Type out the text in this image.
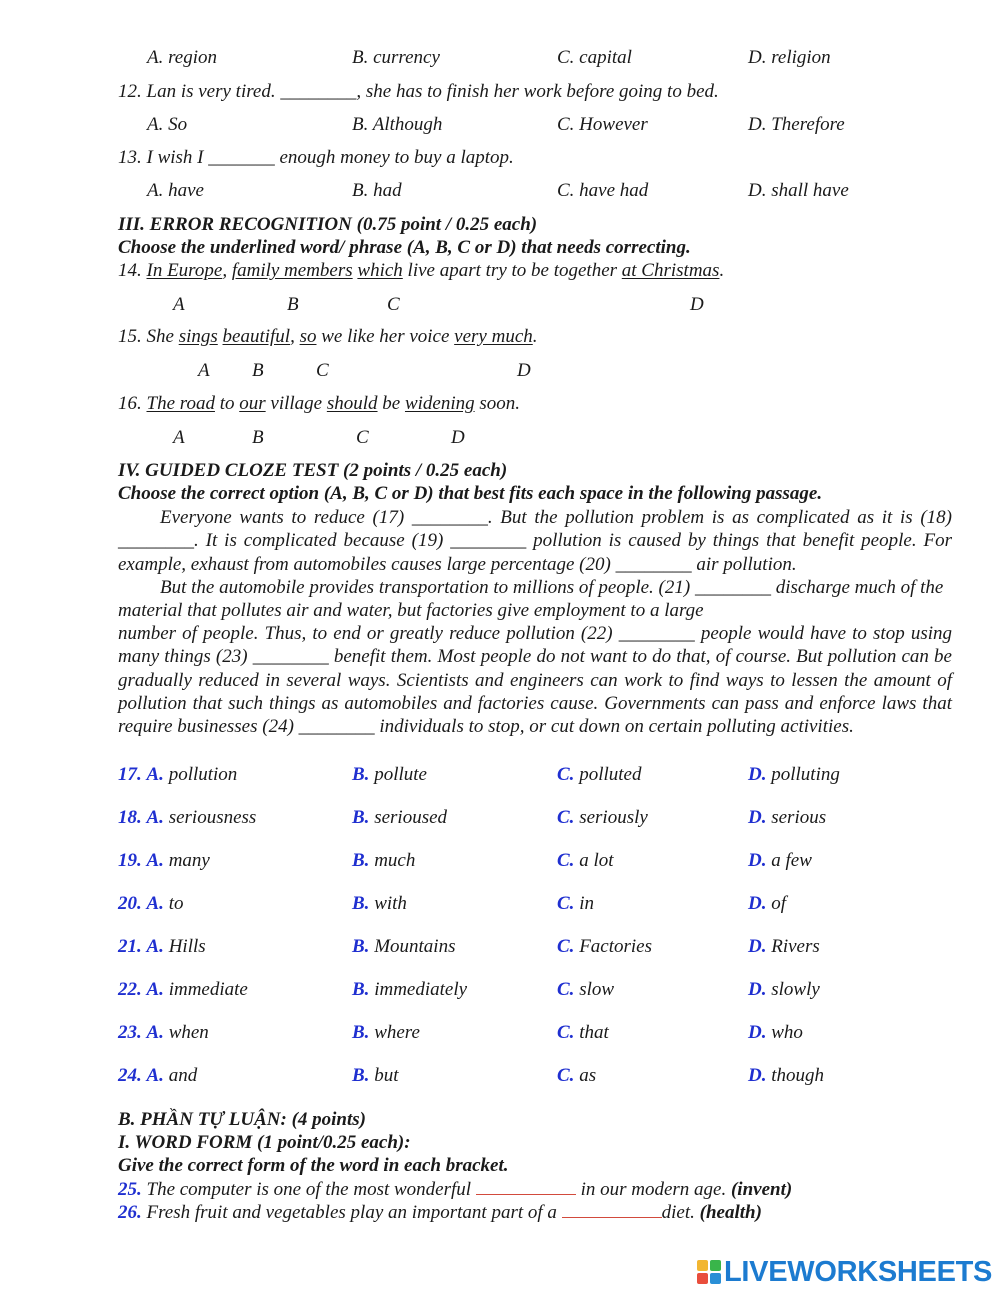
A. region	B. currency	C. capital	D. religion
12. Lan is very tired. ________, she has to finish her work before going to bed.
A. So	B. Although	C. However	D. Therefore
13. I wish I _______ enough money to buy a laptop.
A. have	B. had	C. have had	D. shall have
III. ERROR RECOGNITION (0.75 point / 0.25 each)
Choose the underlined word/ phrase (A, B, C or D) that needs correcting.
14. In Europe, family members which live apart try to be together at Christmas.
A	B	C	D
15. She sings beautiful, so we like her voice very much.
A B	C	D
16. The road to our village should be widening soon.
A	B	C	D
IV. GUIDED CLOZE TEST (2 points / 0.25 each)
Choose the correct option (A, B, C or D) that best fits each space in the following passage.
Everyone wants to reduce (17) ________. But the pollution problem is as complicated as it is (18) ________. It is complicated because (19) ________ pollution is caused by things that benefit people. For example, exhaust from automobiles causes large percentage (20) ________ air pollution.
But the automobile provides transportation to millions of people. (21) ________ discharge much of the material that pollutes air and water, but factories give employment to a large
number of people. Thus, to end or greatly reduce pollution (22) ________ people would have to stop using many things (23) ________ benefit them. Most people do not want to do that, of course. But pollution can be gradually reduced in several ways. Scientists and engineers can work to find ways to lessen the amount of pollution that such things as automobiles and factories cause. Governments can pass and enforce laws that require businesses (24) ________ individuals to stop, or cut down on certain polluting activities.
17. A. pollution	B. pollute	C. polluted	D. polluting
18. A. seriousness	B. serioused	C. seriously	D. serious
19. A. many	B. much	C. a lot	D. a few
20. A. to	B. with	C. in	D. of
21. A. Hills	B. Mountains	C. Factories	D. Rivers
22. A. immediate	B. immediately	C. slow	D. slowly
23. A. when	B. where	C. that	D. who
24. A. and	B. but	C. as	D. though
B. PHẦN TỰ LUẬN: (4 points)
I. WORD FORM (1 point/0.25 each):
Give the correct form of the word in each bracket.
25. The computer is one of the most wonderful	in our modern age. (invent)
26. Fresh fruit and vegetables play an important part of a	diet. (health)
LIVEWORKSHEETS
